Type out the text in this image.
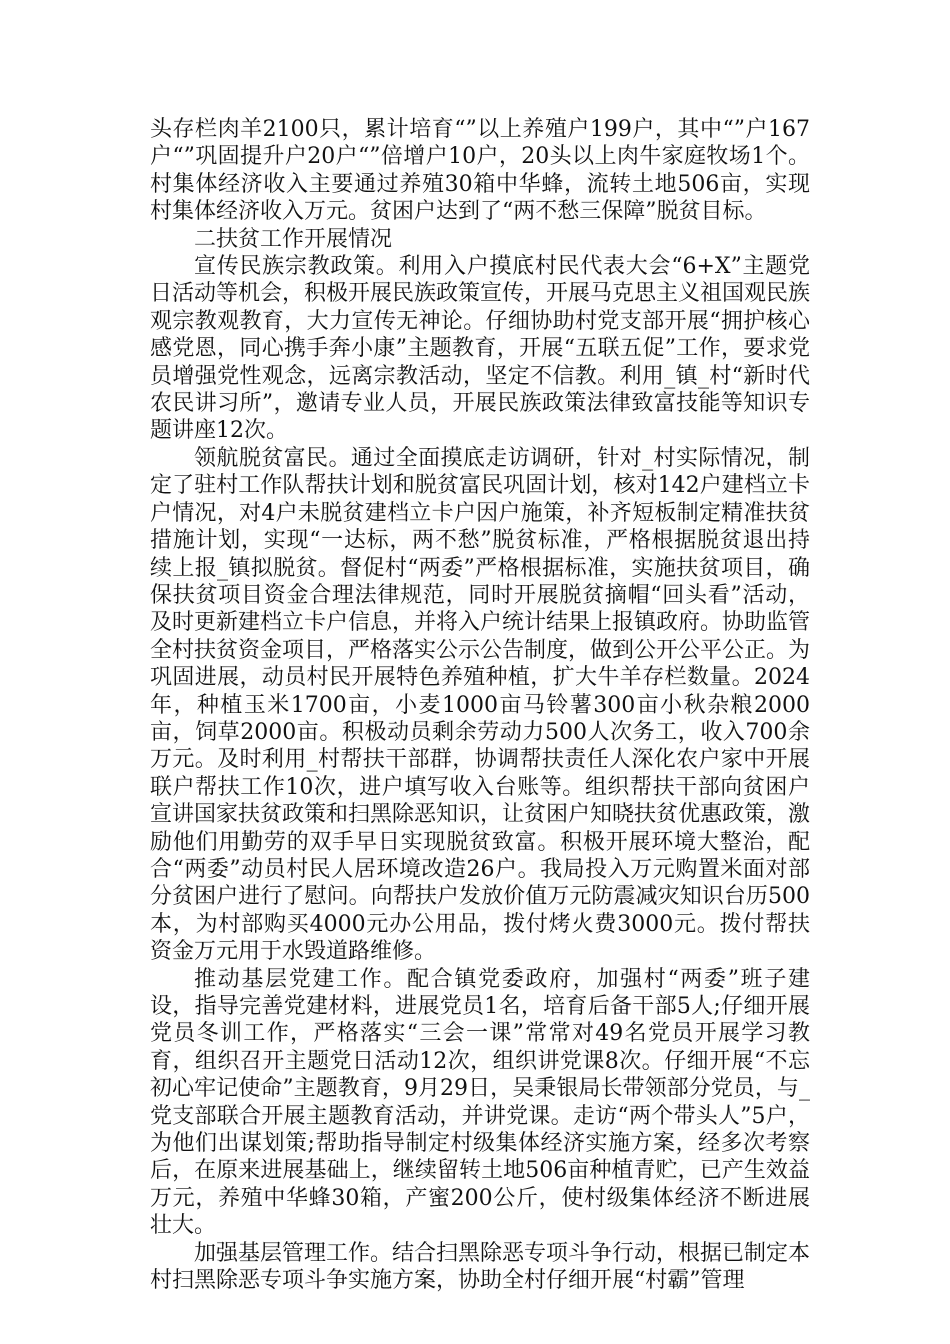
头存栏肉羊2100只，累计培育“”以上养殖户199户，其中“”户167户“”巩固提升户20户“”倍增户10户，20头以上肉牛家庭牧场1个。村集体经济收入主要通过养殖30箱中华蜂，流转土地506亩，实现村集体经济收入万元。贫困户达到了“两不愁三保障”脱贫目标。

二扶贫工作开展情况

宣传民族宗教政策。利用入户摸底村民代表大会“6+X”主题党日活动等机会，积极开展民族政策宣传，开展马克思主义祖国观民族观宗教观教育，大力宣传无神论。仔细协助村党支部开展“拥护核心感党恩，同心携手奔小康”主题教育，开展“五联五促”工作，要求党员增强党性观念，远离宗教活动，坚定不信教。利用_镇_村“新时代农民讲习所”，邀请专业人员，开展民族政策法律致富技能等知识专题讲座12次。

领航脱贫富民。通过全面摸底走访调研，针对_村实际情况，制定了驻村工作队帮扶计划和脱贫富民巩固计划，核对142户建档立卡户情况，对4户未脱贫建档立卡户因户施策，补齐短板制定精准扶贫措施计划，实现“一达标，两不愁”脱贫标准，严格根据脱贫退出持续上报_镇拟脱贫。督促村“两委”严格根据标准，实施扶贫项目，确保扶贫项目资金合理法律规范，同时开展脱贫摘帽“回头看”活动，及时更新建档立卡户信息，并将入户统计结果上报镇政府。协助监管全村扶贫资金项目，严格落实公示公告制度，做到公开公平公正。为巩固进展，动员村民开展特色养殖种植，扩大牛羊存栏数量。2024年，种植玉米1700亩，小麦1000亩马铃薯300亩小秋杂粮2000亩，饲草2000亩。积极动员剩余劳动力500人次务工，收入700余万元。及时利用_村帮扶干部群，协调帮扶责任人深化农户家中开展联户帮扶工作10次，进户填写收入台账等。组织帮扶干部向贫困户宣讲国家扶贫政策和扫黑除恶知识，让贫困户知晓扶贫优惠政策，激励他们用勤劳的双手早日实现脱贫致富。积极开展环境大整治，配合“两委”动员村民人居环境改造26户。我局投入万元购置米面对部分贫困户进行了慰问。向帮扶户发放价值万元防震减灾知识台历500本，为村部购买4000元办公用品，拨付烤火费3000元。拨付帮扶资金万元用于水毁道路维修。

推动基层党建工作。配合镇党委政府，加强村“两委”班子建设，指导完善党建材料，进展党员1名，培育后备干部5人;仔细开展党员冬训工作，严格落实“三会一课”常常对49名党员开展学习教育，组织召开主题党日活动12次，组织讲党课8次。仔细开展“不忘初心牢记使命”主题教育，9月29日，吴秉银局长带领部分党员，与_党支部联合开展主题教育活动，并讲党课。走访“两个带头人”5户，为他们出谋划策;帮助指导制定村级集体经济实施方案，经多次考察后，在原来进展基础上，继续留转土地506亩种植青贮，已产生效益万元，养殖中华蜂30箱，产蜜200公斤，使村级集体经济不断进展壮大。

加强基层管理工作。结合扫黑除恶专项斗争行动，根据已制定本村扫黑除恶专项斗争实施方案，协助全村仔细开展“村霸”管理
